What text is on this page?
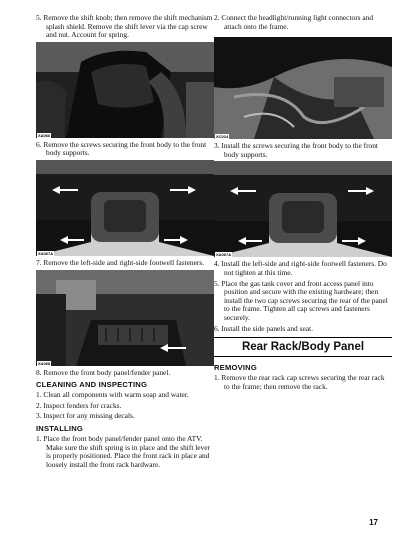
5. Remove the shift knob; then remove the shift mechanism splash shield. Remove the shift lever via the cap screw and nut. Account for spring.

XA066

6. Remove the screws securing the front body to the front body supports.

XA067A

7. Remove the left-side and right-side footwell fasteners.

XA068

8. Remove the front body panel/fender panel.

CLEANING AND INSPECTING

1. Clean all components with warm soap and water.

2. Inspect fenders for cracks.

3. Inspect for any missing decals.

INSTALLING

1. Place the front body panel/fender panel onto the ATV. Make sure the shift spring is in place and the shift lever is properly positioned. Place the front rack in place and loosely install the front rack hardware.

2. Connect the headlight/running light connectors and attach onto the frame.

XC024

3. Install the screws securing the front body to the front body supports.

XA067A

4. Install the left-side and right-side footwell fasteners. Do not tighten at this time.

5. Place the gas tank cover and front access panel into position and secure with the existing hardware; then install the two cap screws securing the rear of the panel to the frame. Tighten all cap screws and fasteners securely.

6. Install the side panels and seat.

Rear Rack/Body Panel
REMOVING

1. Remove the rear rack cap screws securing the rear rack to the frame; then remove the rack.

17
